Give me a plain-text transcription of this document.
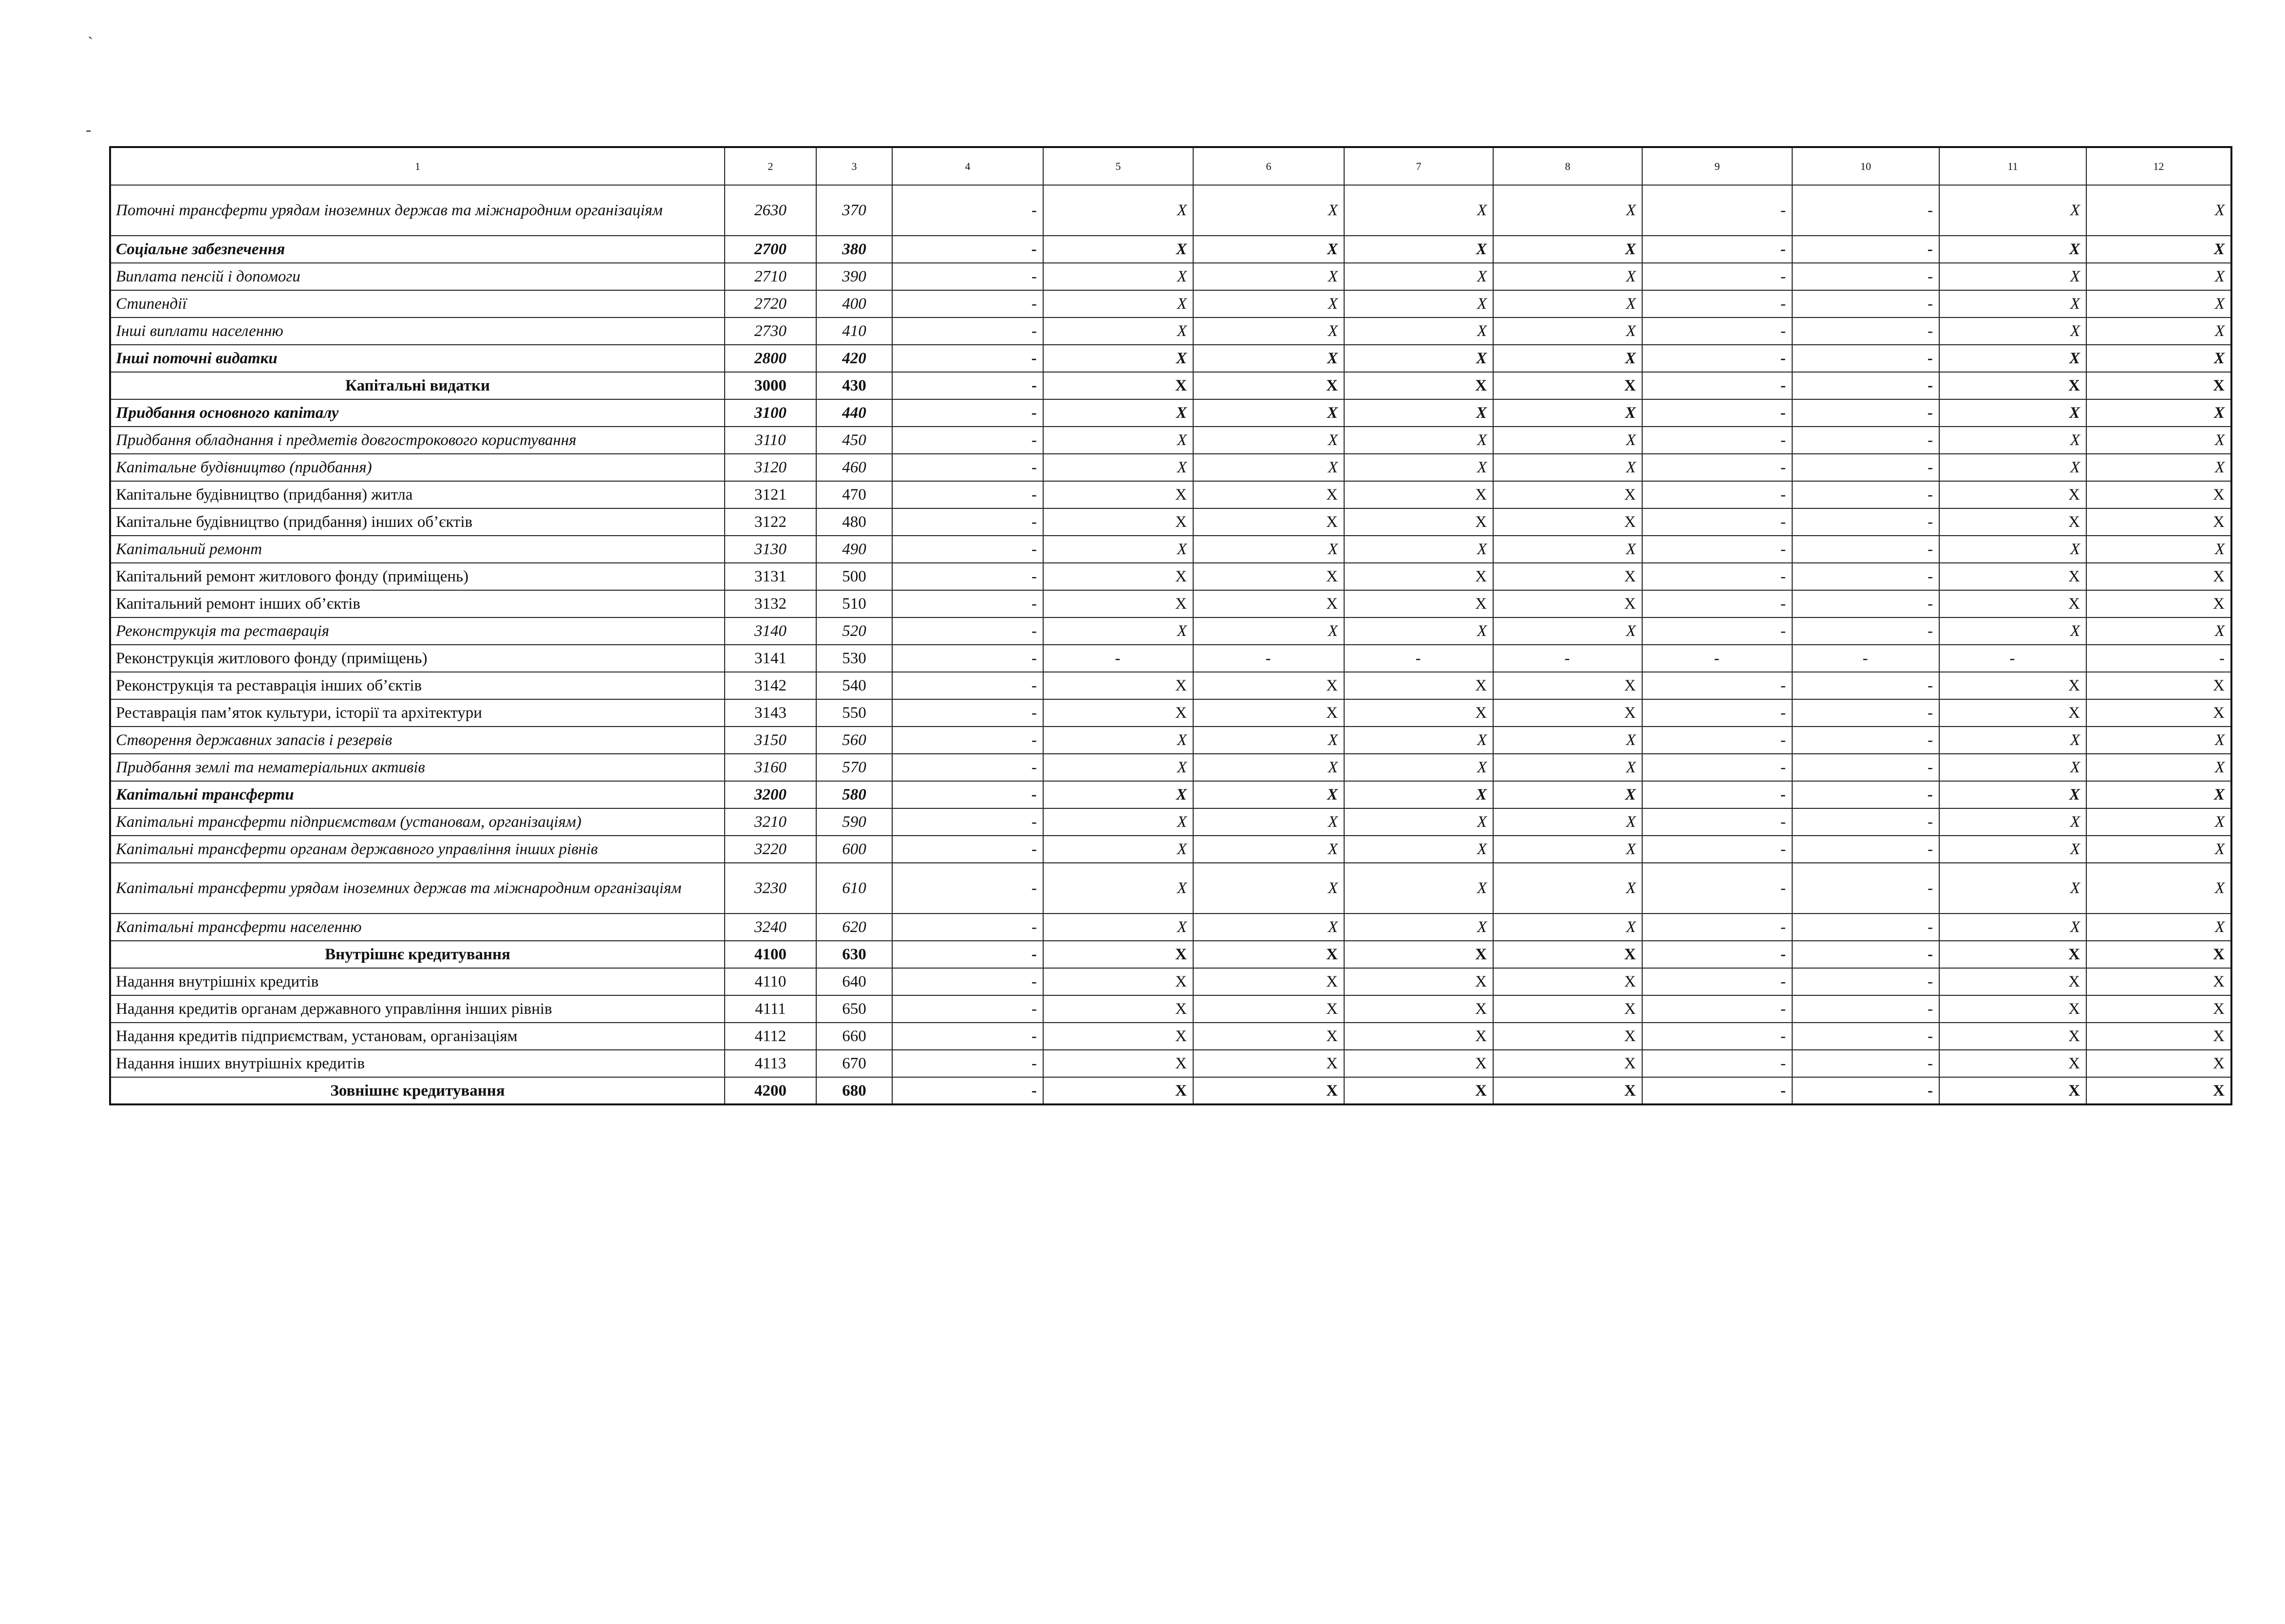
`
-
1	2	3	4	5	6	7	8	9	10	11	12
Поточні трансферти урядам іноземних держав та міжнародним організаціям	2630	370	-	X	X	X	X	-	-	X	X
Соціальне забезпечення	2700	380	-	X	X	X	X	-	-	X	X
Виплата пенсій і допомоги	2710	390	-	X	X	X	X	-	-	X	X
Стипендії	2720	400	-	X	X	X	X	-	-	X	X
Інші виплати населенню	2730	410	-	X	X	X	X	-	-	X	X
Інші поточні видатки	2800	420	-	X	X	X	X	-	-	X	X
Капітальні видатки	3000	430	-	X	X	X	X	-	-	X	X
Придбання основного капіталу	3100	440	-	X	X	X	X	-	-	X	X
Придбання обладнання і предметів довгострокового користування	3110	450	-	X	X	X	X	-	-	X	X
Капітальне будівництво (придбання)	3120	460	-	X	X	X	X	-	-	X	X
Капітальне будівництво (придбання) житла	3121	470	-	X	X	X	X	-	-	X	X
Капітальне будівництво (придбання) інших об’єктів	3122	480	-	X	X	X	X	-	-	X	X
Капітальний ремонт	3130	490	-	X	X	X	X	-	-	X	X
Капітальний ремонт житлового фонду (приміщень)	3131	500	-	X	X	X	X	-	-	X	X
Капітальний ремонт інших об’єктів	3132	510	-	X	X	X	X	-	-	X	X
Реконструкція та реставрація	3140	520	-	X	X	X	X	-	-	X	X
Реконструкція житлового фонду (приміщень)	3141	530	-	-	-	-	-	-	-	-	-
Реконструкція та реставрація інших об’єктів	3142	540	-	X	X	X	X	-	-	X	X
Реставрація пам’яток культури, історії та архітектури	3143	550	-	X	X	X	X	-	-	X	X
Створення державних запасів і резервів	3150	560	-	X	X	X	X	-	-	X	X
Придбання землі та нематеріальних активів	3160	570	-	X	X	X	X	-	-	X	X
Капітальні трансферти	3200	580	-	X	X	X	X	-	-	X	X
Капітальні трансферти підприємствам (установам, організаціям)	3210	590	-	X	X	X	X	-	-	X	X
Капітальні трансферти органам державного управління інших рівнів	3220	600	-	X	X	X	X	-	-	X	X
Капітальні трансферти урядам іноземних держав та міжнародним організаціям	3230	610	-	X	X	X	X	-	-	X	X
Капітальні трансферти населенню	3240	620	-	X	X	X	X	-	-	X	X
Внутрішнє кредитування	4100	630	-	X	X	X	X	-	-	X	X
Надання внутрішніх кредитів	4110	640	-	X	X	X	X	-	-	X	X
Надання кредитів органам державного управління інших рівнів	4111	650	-	X	X	X	X	-	-	X	X
Надання кредитів підприємствам, установам, організаціям	4112	660	-	X	X	X	X	-	-	X	X
Надання інших внутрішніх кредитів	4113	670	-	X	X	X	X	-	-	X	X
Зовнішнє кредитування	4200	680	-	X	X	X	X	-	-	X	X
